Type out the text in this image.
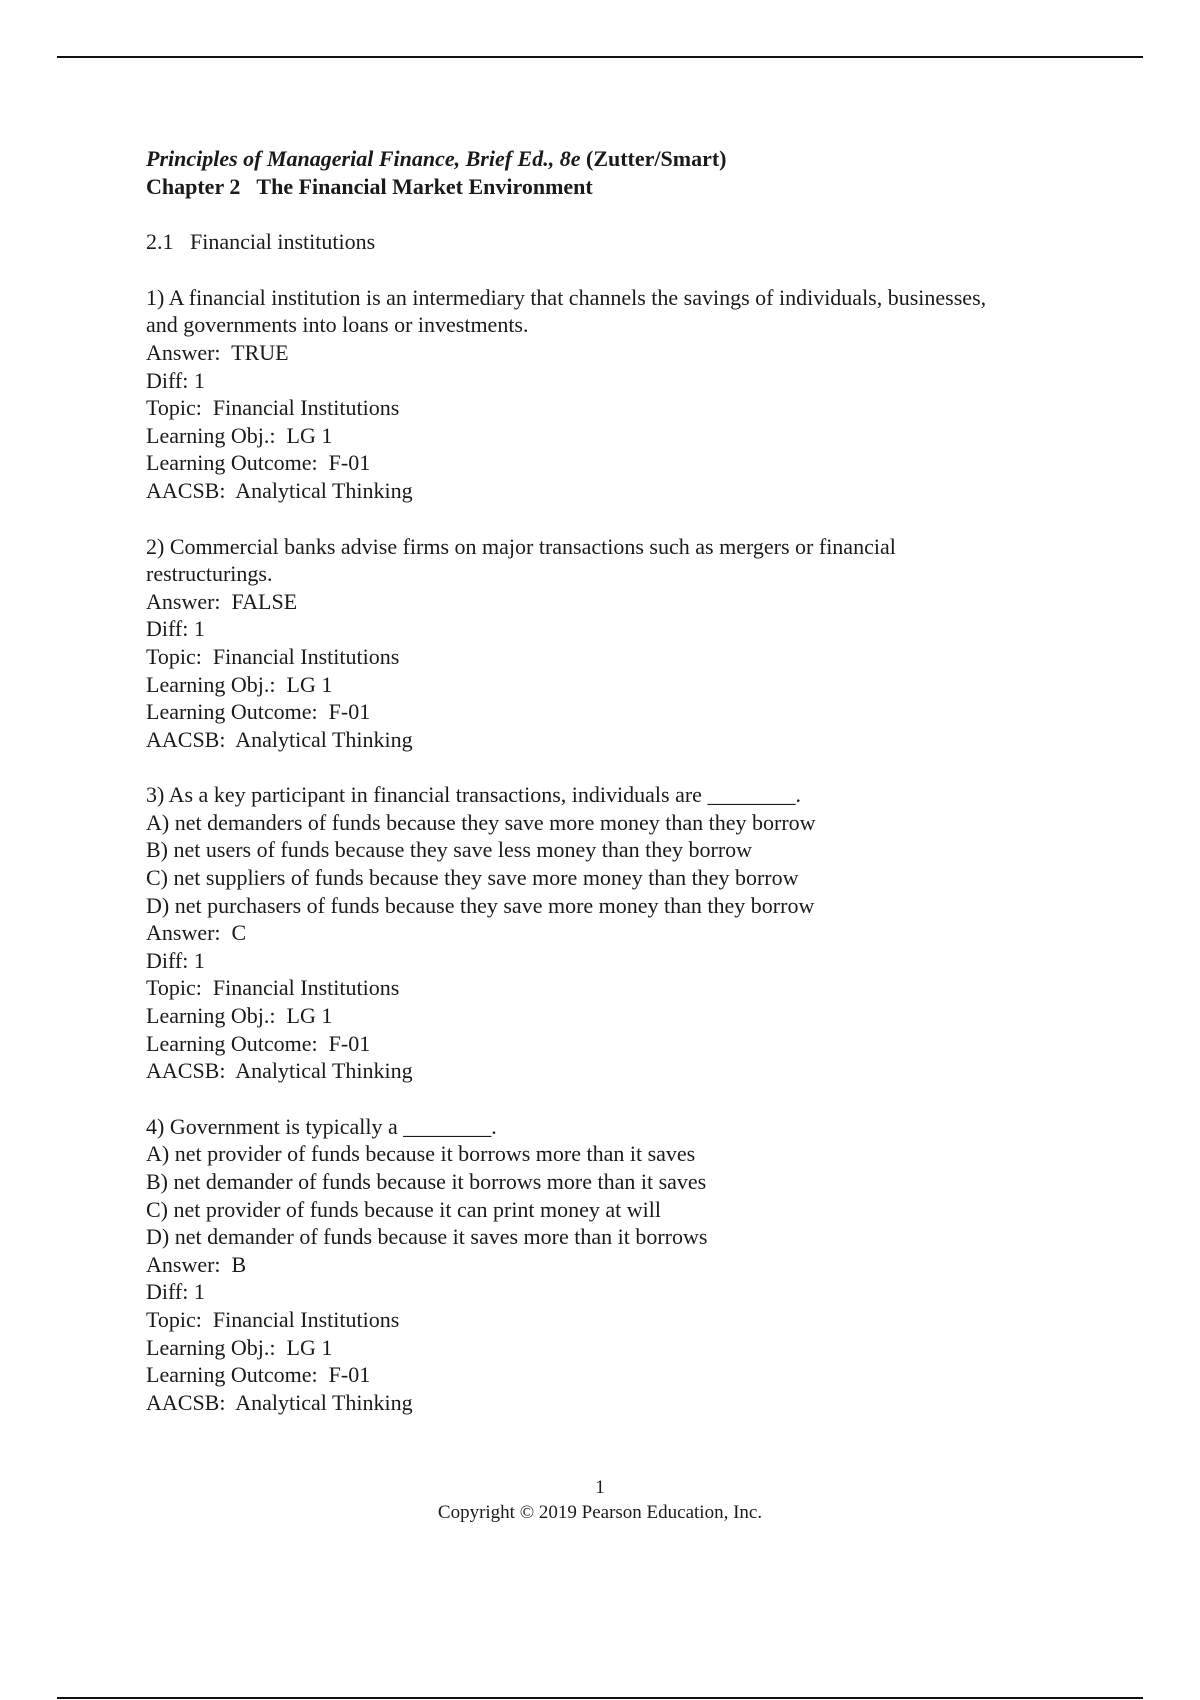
Principles of Managerial Finance, Brief Ed., 8e (Zutter/Smart)
Chapter 2   The Financial Market Environment
2.1   Financial institutions
1) A financial institution is an intermediary that channels the savings of individuals, businesses,
and governments into loans or investments.
Answer:  TRUE
Diff: 1
Topic:  Financial Institutions
Learning Obj.:  LG 1
Learning Outcome:  F-01
AACSB:  Analytical Thinking
2) Commercial banks advise firms on major transactions such as mergers or financial
restructurings.
Answer:  FALSE
Diff: 1
Topic:  Financial Institutions
Learning Obj.:  LG 1
Learning Outcome:  F-01
AACSB:  Analytical Thinking
3) As a key participant in financial transactions, individuals are ________.
A) net demanders of funds because they save more money than they borrow
B) net users of funds because they save less money than they borrow
C) net suppliers of funds because they save more money than they borrow
D) net purchasers of funds because they save more money than they borrow
Answer:  C
Diff: 1
Topic:  Financial Institutions
Learning Obj.:  LG 1
Learning Outcome:  F-01
AACSB:  Analytical Thinking
4) Government is typically a ________.
A) net provider of funds because it borrows more than it saves
B) net demander of funds because it borrows more than it saves
C) net provider of funds because it can print money at will
D) net demander of funds because it saves more than it borrows
Answer:  B
Diff: 1
Topic:  Financial Institutions
Learning Obj.:  LG 1
Learning Outcome:  F-01
AACSB:  Analytical Thinking
1
Copyright © 2019 Pearson Education, Inc.
